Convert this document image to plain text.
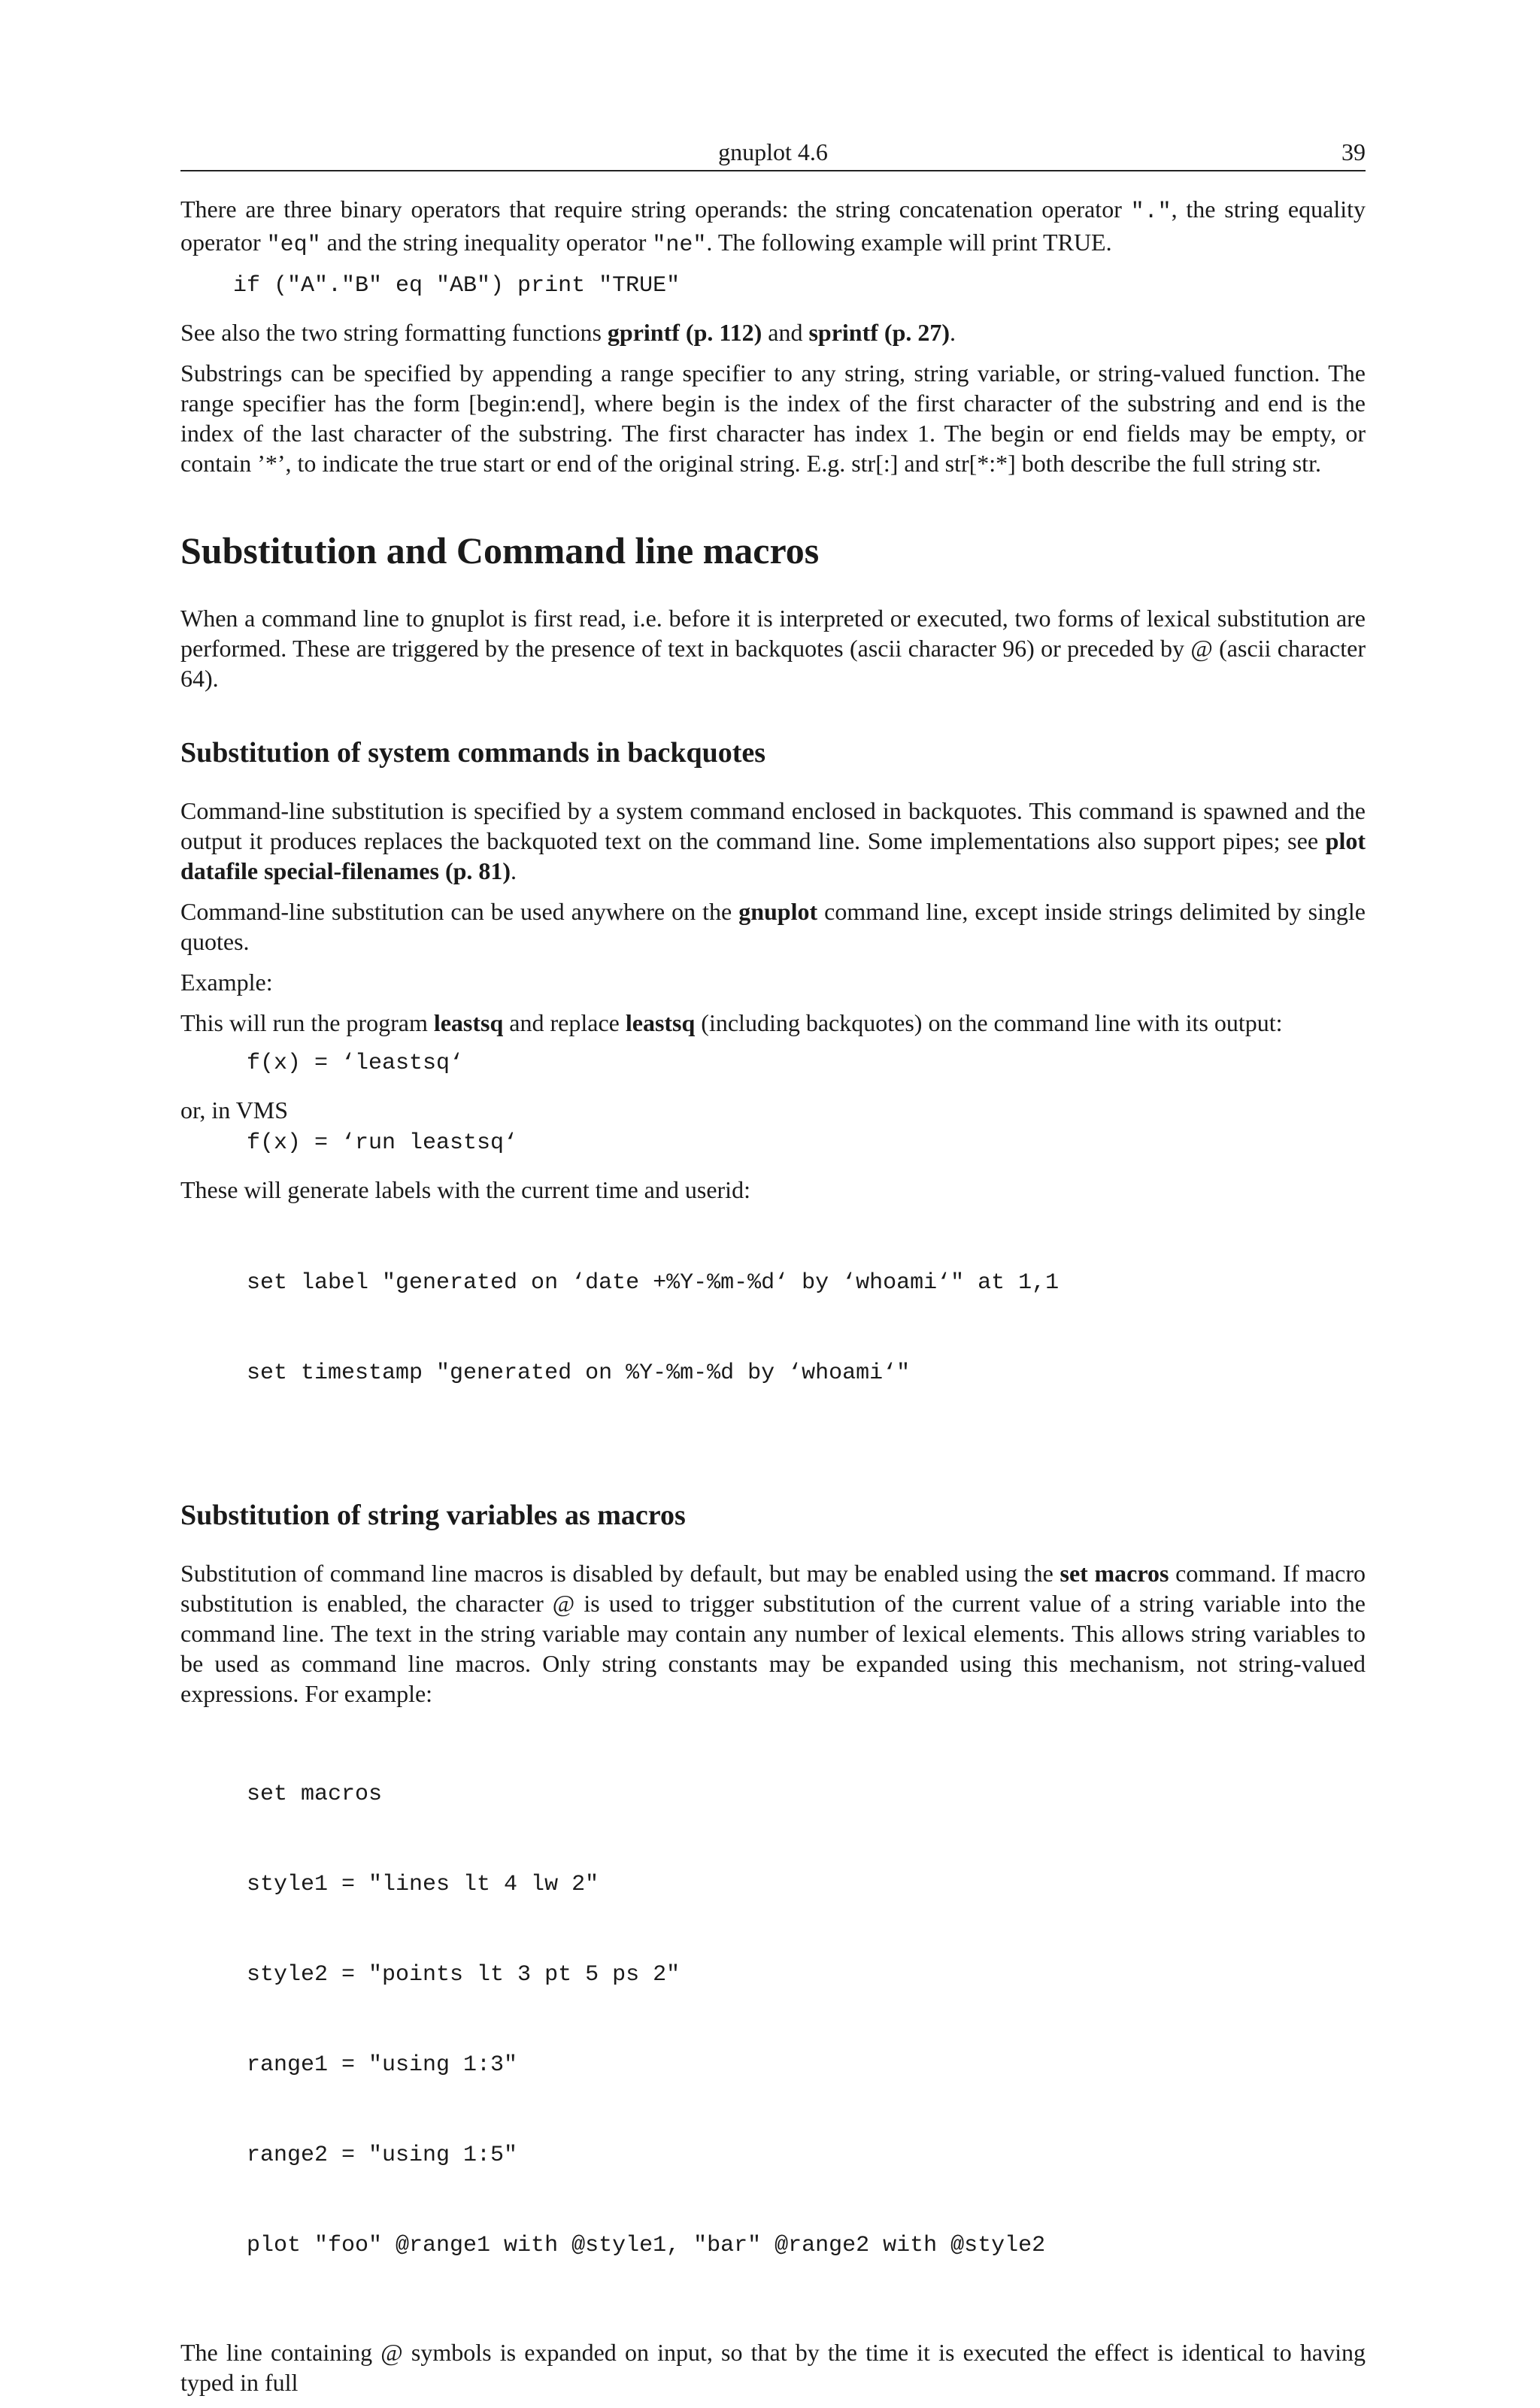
gnuplot 4.6	39

There are three binary operators that require string operands: the string concatenation operator ".", the string equality operator "eq" and the string inequality operator "ne". The following example will print TRUE.

if ("A"."B" eq "AB") print "TRUE"

See also the two string formatting functions gprintf (p. 112) and sprintf (p. 27).

Substrings can be specified by appending a range specifier to any string, string variable, or string-valued function. The range specifier has the form [begin:end], where begin is the index of the first character of the substring and end is the index of the last character of the substring. The first character has index 1. The begin or end fields may be empty, or contain ’*’, to indicate the true start or end of the original string. E.g. str[:] and str[*:*] both describe the full string str.

Substitution and Command line macros

When a command line to gnuplot is first read, i.e. before it is interpreted or executed, two forms of lexical substitution are performed. These are triggered by the presence of text in backquotes (ascii character 96) or preceded by @ (ascii character 64).

Substitution of system commands in backquotes

Command-line substitution is specified by a system command enclosed in backquotes. This command is spawned and the output it produces replaces the backquoted text on the command line. Some implementations also support pipes; see plot datafile special-filenames (p. 81).

Command-line substitution can be used anywhere on the gnuplot command line, except inside strings delimited by single quotes.

Example:

This will run the program leastsq and replace leastsq (including backquotes) on the command line with its output:

f(x) = ‘leastsq‘

or, in VMS

f(x) = ‘run leastsq‘

These will generate labels with the current time and userid:

set label "generated on ‘date +%Y-%m-%d‘ by ‘whoami‘" at 1,1

set timestamp "generated on %Y-%m-%d by ‘whoami‘"

Substitution of string variables as macros

Substitution of command line macros is disabled by default, but may be enabled using the set macros command. If macro substitution is enabled, the character @ is used to trigger substitution of the current value of a string variable into the command line. The text in the string variable may contain any number of lexical elements. This allows string variables to be used as command line macros. Only string constants may be expanded using this mechanism, not string-valued expressions. For example:

set macros

style1 = "lines lt 4 lw 2"

style2 = "points lt 3 pt 5 ps 2"

range1 = "using 1:3"

range2 = "using 1:5"

plot "foo" @range1 with @style1, "bar" @range2 with @style2

The line containing @ symbols is expanded on input, so that by the time it is executed the effect is identical to having typed in full
